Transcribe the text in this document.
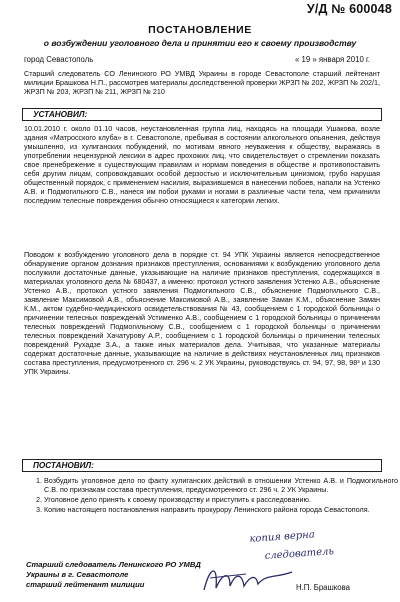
У/Д № 600048
ПОСТАНОВЛЕНИЕ
о возбуждении уголовного дела и принятии его к своему производству
город Севастополь	« 19 » января 2010 г.
Старший следователь СО Ленинского РО УМВД Украины в городе Севастополе старший лейтенант милиции Брашкова Н.П., рассмотрев материалы доследственной проверки ЖРЗП № 202, ЖРЗП № 202/1, ЖРЗП № 203, ЖРЗП № 211, ЖРЗП № 210
УСТАНОВИЛ:
10.01.2010 г. около 01.10 часов, неустановленная группа лиц, находясь на площади Ушакова, возле здания «Матросского клуба» в г. Севастополе, пребывая в состоянии алкогольного опьянения, действуя умышленно, из хулиганских побуждений, по мотивам явного неуважения к обществу, выражаясь в употреблении нецензурной лексики в адрес прохожих лиц, что свидетельствует о стремлении показать свое пренебрежение к существующим правилам и нормам поведения в обществе и противопоставить себя другим лицам, сопровождавших особой дерзостью и исключительным цинизмом, грубо нарушая общественный порядок, с применением насилия, выразившемся в нанесении побоев, напали на Устенко А.В. и Подмогильного С.В., нанеся им побои руками и ногами в различные части тела, чем причинили последним телесные повреждения обычно относящиеся к категории легких.
Поводом к возбуждению уголовного дела в порядке ст. 94 УПК Украины является непосредственное обнаружение органом дознания признаков преступления, основаниями к возбуждению уголовного дела послужили достаточные данные, указывающие на наличие признаков преступления, содержащихся в материалах уголовного дела № 680437, а именно: протокол устного заявления Устенко А.В., объяснение Устенко А.В., протокол устного заявления Подмогильного С.В., объяснение Подмогильного С.В., заявление Максимовой А.В., объяснение Максимовой А.В., заявление Заман К.М., объяснение Заман К.М., актом судебно-медицинского освидетельствования № 43, сообщением с 1 городской больницы о причинении телесных повреждений Устименко А.В., сообщением с 1 городской больницы о причинении телесных повреждений Подмогильному С.В., сообщением с 1 городской больницы о причинении телесных повреждений Хачатурову А.Р., сообщением с 1 городской больницы о причинении телесных повреждений Рухадзе З.А., а также иных материалов дела. Учитывая, что указанные материалы содержат достаточные данные, указывающие на наличие в действиях неустановленных лиц признаков состава преступления, предусмотренного ст. 296 ч. 2 УК Украины, руководствуясь ст. 94, 97, 98, 98³ и 130 УПК Украины.
ПОСТАНОВИЛ:
1. Возбудить уголовное дело по факту хулиганских действий в отношении Устенко А.В. и Подмогильного С.В. по признакам состава преступления, предусмотренного ст. 296 ч. 2 УК Украины.
2. Уголовное дело принять к своему производству и приступить к расследованию.
3. Копию настоящего постановления направить прокурору Ленинского района города Севастополя.
копия верна
следователь
Старший следователь Ленинского РО УМВД
Украины в г. Севастополе
старший лейтенант милиции	Н.П. Брашкова
